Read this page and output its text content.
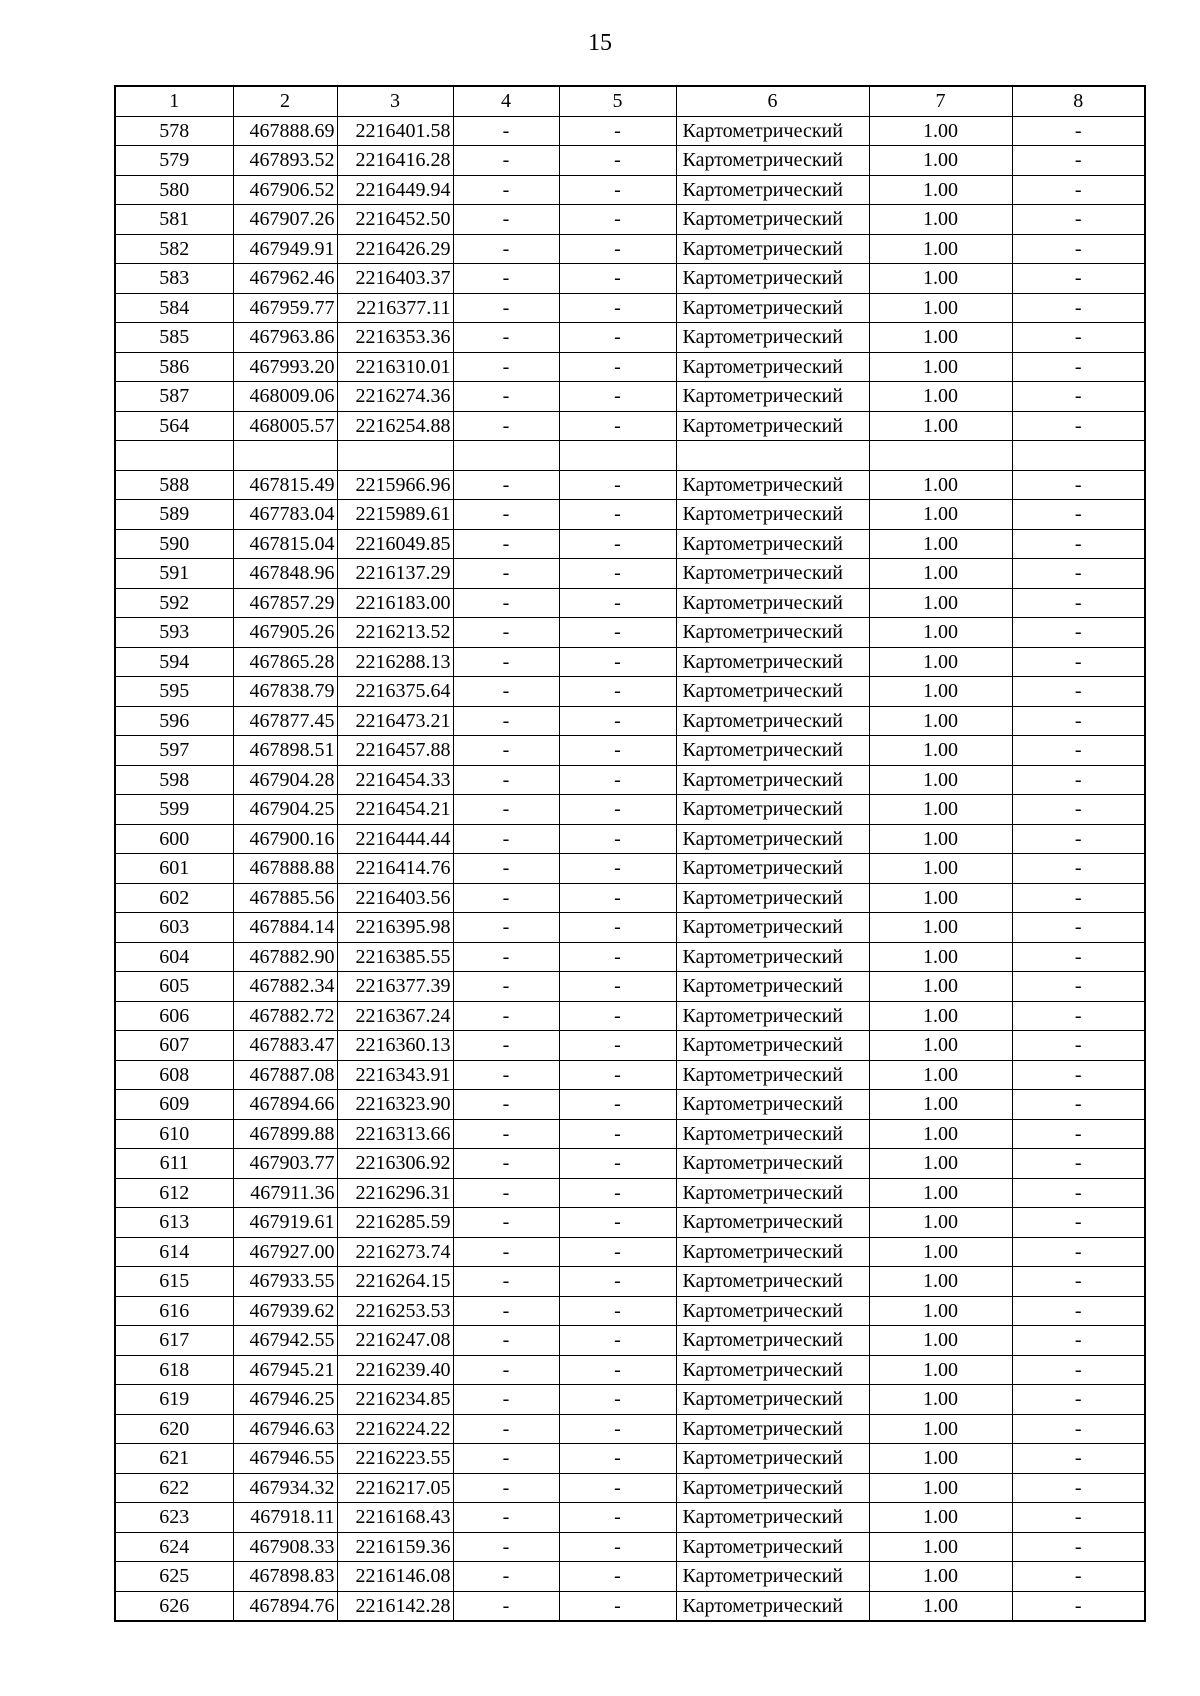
15
1	2	3	4	5	6	7	8
578	467888.69	2216401.58	-	-	Картометрический	1.00	-
579	467893.52	2216416.28	-	-	Картометрический	1.00	-
580	467906.52	2216449.94	-	-	Картометрический	1.00	-
581	467907.26	2216452.50	-	-	Картометрический	1.00	-
582	467949.91	2216426.29	-	-	Картометрический	1.00	-
583	467962.46	2216403.37	-	-	Картометрический	1.00	-
584	467959.77	2216377.11	-	-	Картометрический	1.00	-
585	467963.86	2216353.36	-	-	Картометрический	1.00	-
586	467993.20	2216310.01	-	-	Картометрический	1.00	-
587	468009.06	2216274.36	-	-	Картометрический	1.00	-
564	468005.57	2216254.88	-	-	Картометрический	1.00	-

588	467815.49	2215966.96	-	-	Картометрический	1.00	-
589	467783.04	2215989.61	-	-	Картометрический	1.00	-
590	467815.04	2216049.85	-	-	Картометрический	1.00	-
591	467848.96	2216137.29	-	-	Картометрический	1.00	-
592	467857.29	2216183.00	-	-	Картометрический	1.00	-
593	467905.26	2216213.52	-	-	Картометрический	1.00	-
594	467865.28	2216288.13	-	-	Картометрический	1.00	-
595	467838.79	2216375.64	-	-	Картометрический	1.00	-
596	467877.45	2216473.21	-	-	Картометрический	1.00	-
597	467898.51	2216457.88	-	-	Картометрический	1.00	-
598	467904.28	2216454.33	-	-	Картометрический	1.00	-
599	467904.25	2216454.21	-	-	Картометрический	1.00	-
600	467900.16	2216444.44	-	-	Картометрический	1.00	-
601	467888.88	2216414.76	-	-	Картометрический	1.00	-
602	467885.56	2216403.56	-	-	Картометрический	1.00	-
603	467884.14	2216395.98	-	-	Картометрический	1.00	-
604	467882.90	2216385.55	-	-	Картометрический	1.00	-
605	467882.34	2216377.39	-	-	Картометрический	1.00	-
606	467882.72	2216367.24	-	-	Картометрический	1.00	-
607	467883.47	2216360.13	-	-	Картометрический	1.00	-
608	467887.08	2216343.91	-	-	Картометрический	1.00	-
609	467894.66	2216323.90	-	-	Картометрический	1.00	-
610	467899.88	2216313.66	-	-	Картометрический	1.00	-
611	467903.77	2216306.92	-	-	Картометрический	1.00	-
612	467911.36	2216296.31	-	-	Картометрический	1.00	-
613	467919.61	2216285.59	-	-	Картометрический	1.00	-
614	467927.00	2216273.74	-	-	Картометрический	1.00	-
615	467933.55	2216264.15	-	-	Картометрический	1.00	-
616	467939.62	2216253.53	-	-	Картометрический	1.00	-
617	467942.55	2216247.08	-	-	Картометрический	1.00	-
618	467945.21	2216239.40	-	-	Картометрический	1.00	-
619	467946.25	2216234.85	-	-	Картометрический	1.00	-
620	467946.63	2216224.22	-	-	Картометрический	1.00	-
621	467946.55	2216223.55	-	-	Картометрический	1.00	-
622	467934.32	2216217.05	-	-	Картометрический	1.00	-
623	467918.11	2216168.43	-	-	Картометрический	1.00	-
624	467908.33	2216159.36	-	-	Картометрический	1.00	-
625	467898.83	2216146.08	-	-	Картометрический	1.00	-
626	467894.76	2216142.28	-	-	Картометрический	1.00	-
